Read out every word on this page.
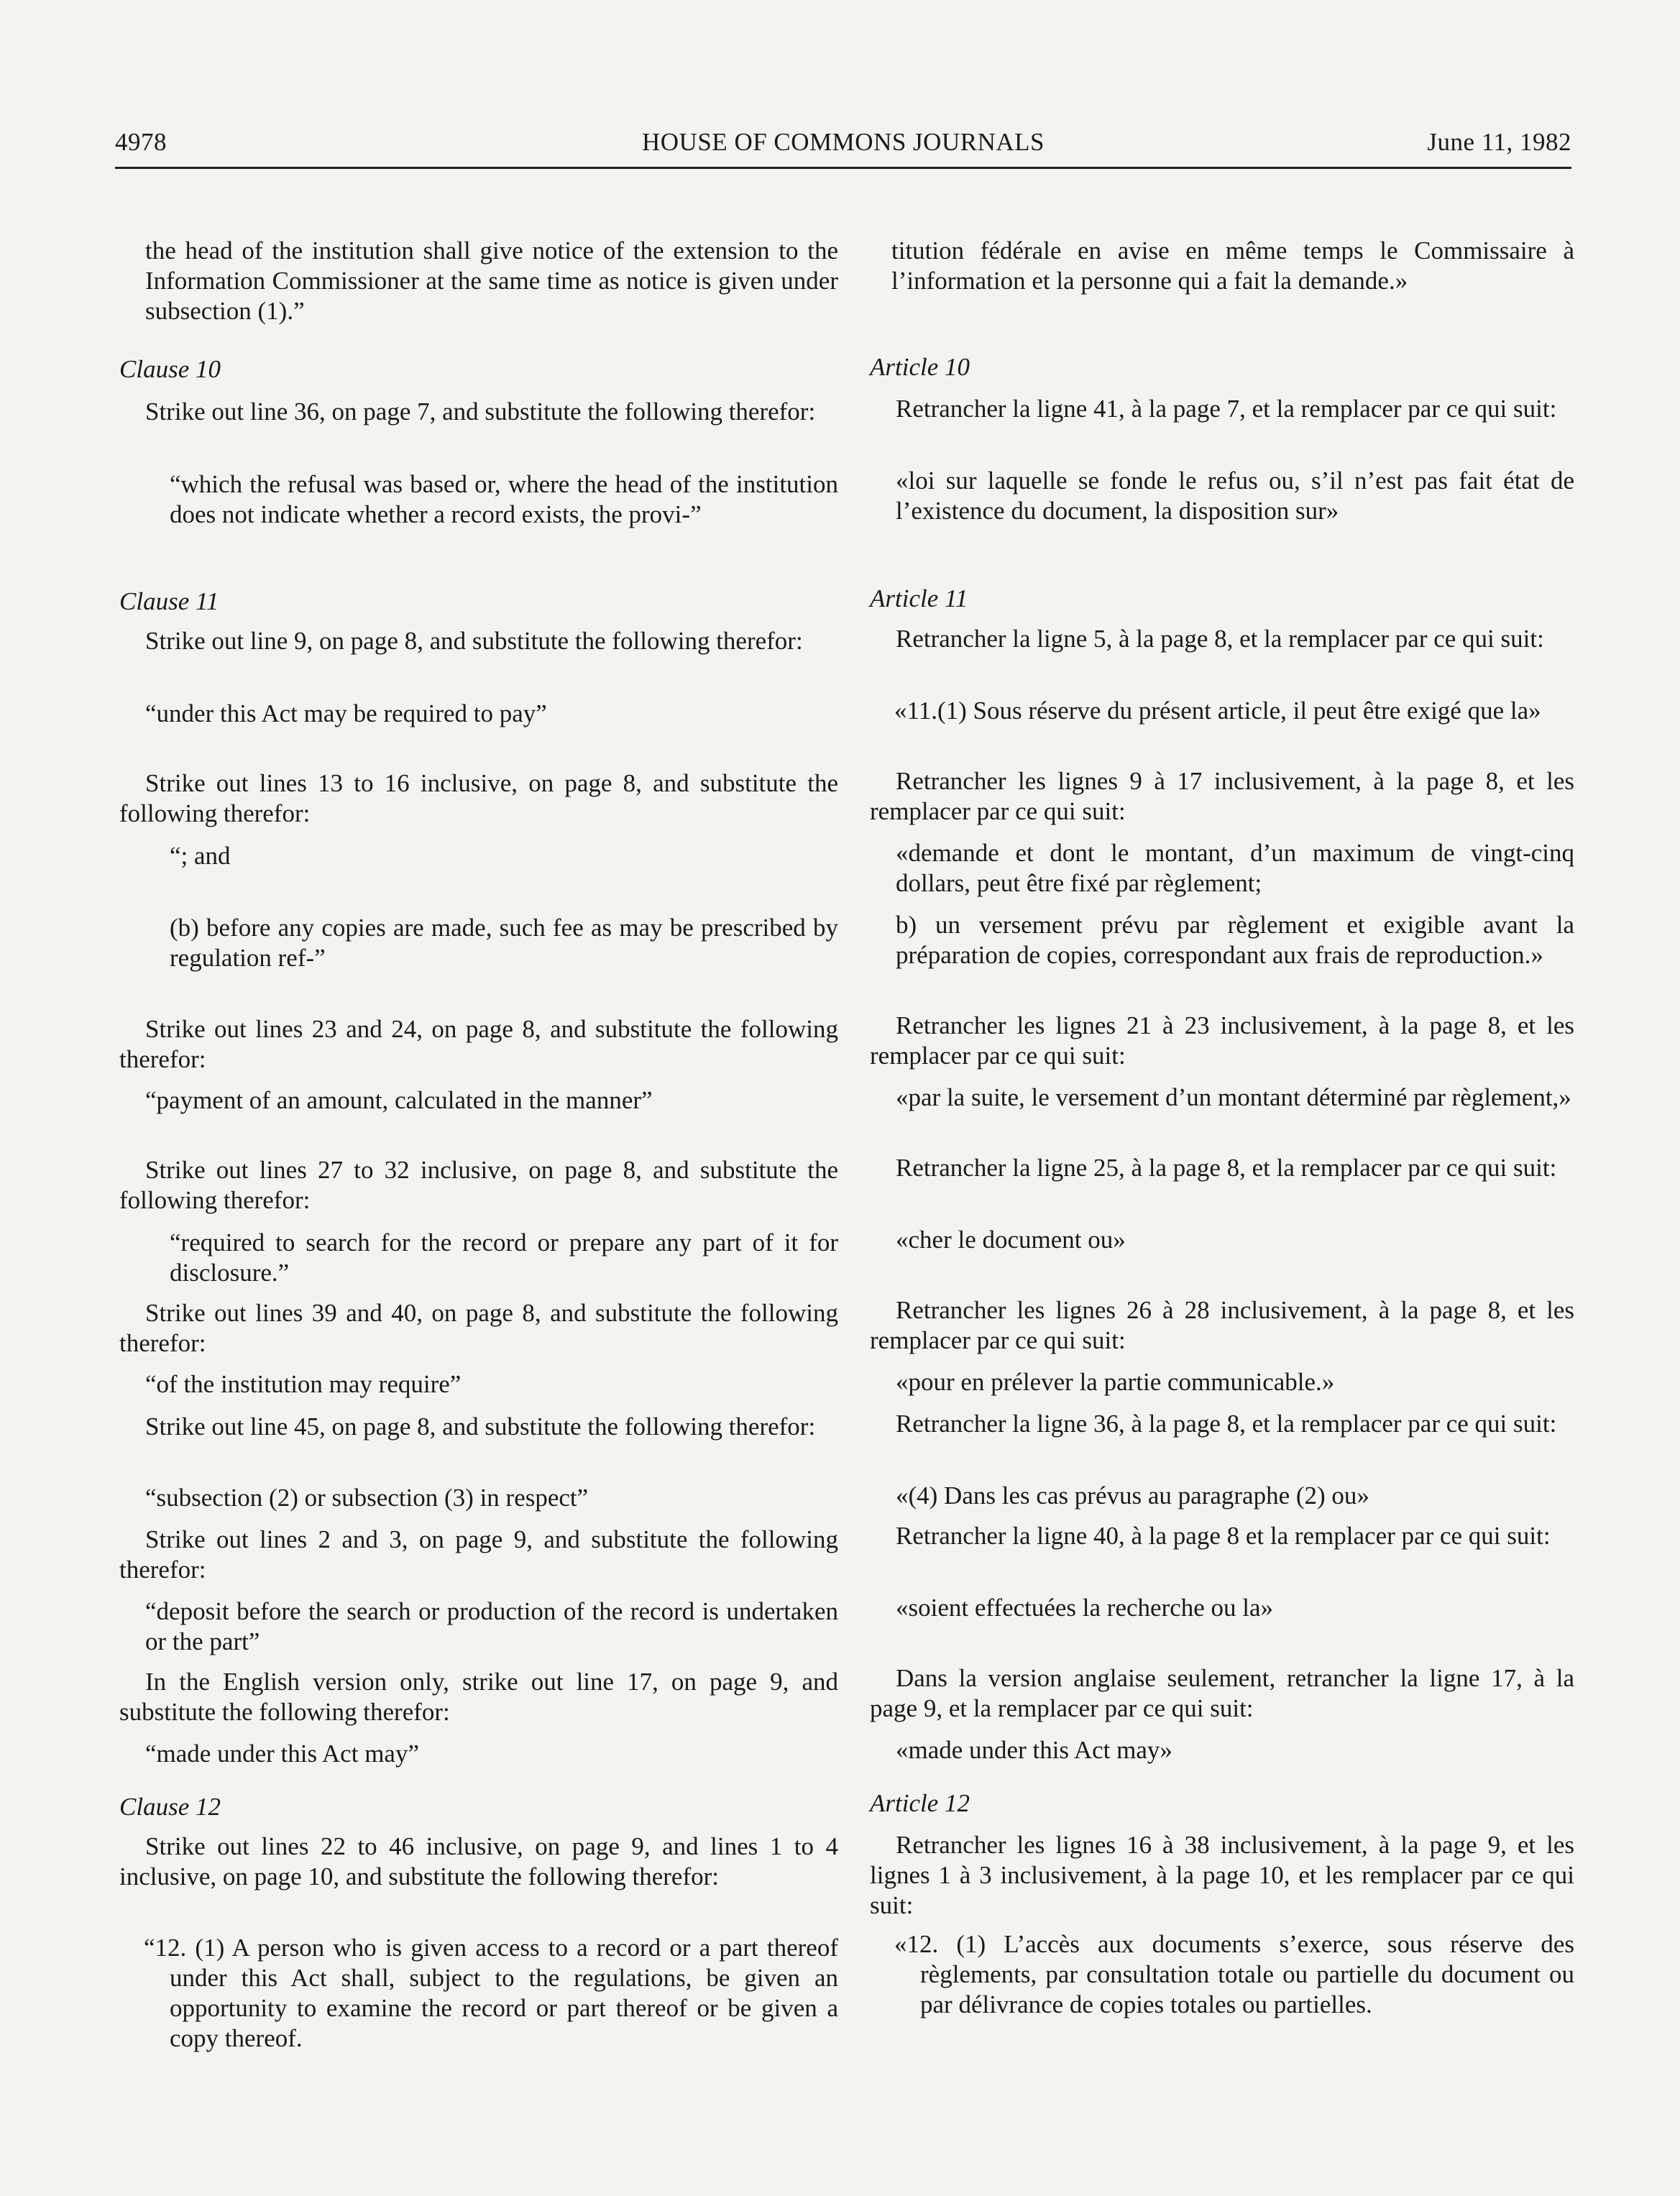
4978	HOUSE OF COMMONS JOURNALS	June 11, 1982

the head of the institution shall give notice of the extension to the Information Commissioner at the same time as notice is given under subsection (1).”

Clause 10

Strike out line 36, on page 7, and substitute the following therefor:

“which the refusal was based or, where the head of the institution does not indicate whether a record exists, the provi-”

Clause 11

Strike out line 9, on page 8, and substitute the following therefor:

“under this Act may be required to pay”

Strike out lines 13 to 16 inclusive, on page 8, and substitute the following therefor:

“; and

(b) before any copies are made, such fee as may be prescribed by regulation ref-”

Strike out lines 23 and 24, on page 8, and substitute the following therefor:

“payment of an amount, calculated in the manner”

Strike out lines 27 to 32 inclusive, on page 8, and substitute the following therefor:

“required to search for the record or prepare any part of it for disclosure.”

Strike out lines 39 and 40, on page 8, and substitute the following therefor:

“of the institution may require”

Strike out line 45, on page 8, and substitute the following therefor:

“subsection (2) or subsection (3) in respect”

Strike out lines 2 and 3, on page 9, and substitute the following therefor:

“deposit before the search or production of the record is undertaken or the part”

In the English version only, strike out line 17, on page 9, and substitute the following therefor:

“made under this Act may”

Clause 12

Strike out lines 22 to 46 inclusive, on page 9, and lines 1 to 4 inclusive, on page 10, and substitute the following therefor:

“12. (1) A person who is given access to a record or a part thereof under this Act shall, subject to the regulations, be given an opportunity to examine the record or part thereof or be given a copy thereof.

titution fédérale en avise en même temps le Commissaire à l’information et la personne qui a fait la demande.»

Article 10

Retrancher la ligne 41, à la page 7, et la remplacer par ce qui suit:

«loi sur laquelle se fonde le refus ou, s’il n’est pas fait état de l’existence du document, la disposition sur»

Article 11

Retrancher la ligne 5, à la page 8, et la remplacer par ce qui suit:

«11.(1) Sous réserve du présent article, il peut être exigé que la»

Retrancher les lignes 9 à 17 inclusivement, à la page 8, et les remplacer par ce qui suit:

«demande et dont le montant, d’un maximum de vingt-cinq dollars, peut être fixé par règlement;

b) un versement prévu par règlement et exigible avant la préparation de copies, correspondant aux frais de reproduction.»

Retrancher les lignes 21 à 23 inclusivement, à la page 8, et les remplacer par ce qui suit:

«par la suite, le versement d’un montant déterminé par règlement,»

Retrancher la ligne 25, à la page 8, et la remplacer par ce qui suit:

«cher le document ou»

Retrancher les lignes 26 à 28 inclusivement, à la page 8, et les remplacer par ce qui suit:

«pour en prélever la partie communicable.»

Retrancher la ligne 36, à la page 8, et la remplacer par ce qui suit:

«(4) Dans les cas prévus au paragraphe (2) ou»

Retrancher la ligne 40, à la page 8 et la remplacer par ce qui suit:

«soient effectuées la recherche ou la»

Dans la version anglaise seulement, retrancher la ligne 17, à la page 9, et la remplacer par ce qui suit:

«made under this Act may»

Article 12

Retrancher les lignes 16 à 38 inclusivement, à la page 9, et les lignes 1 à 3 inclusivement, à la page 10, et les remplacer par ce qui suit:

«12. (1) L’accès aux documents s’exerce, sous réserve des règlements, par consultation totale ou partielle du document ou par délivrance de copies totales ou partielles.
